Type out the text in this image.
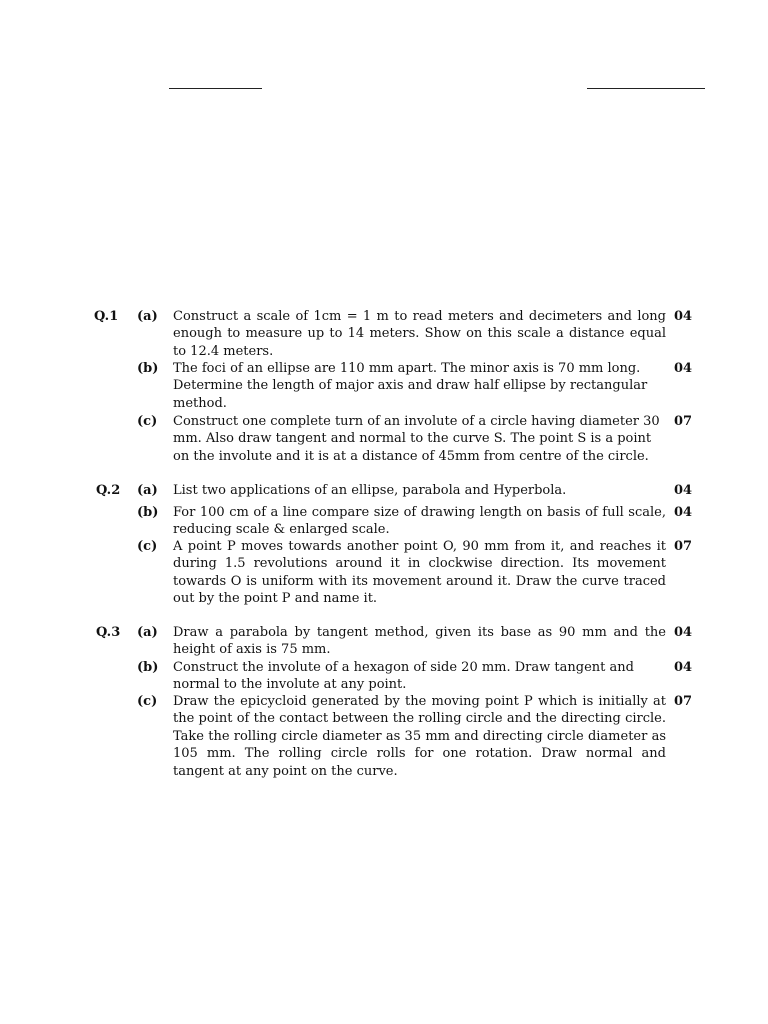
Q.1 (a) Construct a scale of 1cm = 1 m to read meters and decimeters and long enough to measure up to 14 meters. Show on this scale a distance equal to 12.4 meters.

04
(b) The foci of an ellipse are 110 mm apart. The minor axis is 70 mm long. Determine the length of major axis and draw half ellipse by rectangular method.

04
(c) Construct one complete turn of an involute of a circle having diameter 30 mm. Also draw tangent and normal to the curve S. The point S is a point on the involute and it is at a distance of 45mm from centre of the circle.

07
Q.2 (a) List two applications of an ellipse, parabola and Hyperbola.	04
(b) For 100 cm of a line compare size of drawing length on basis of full scale, reducing scale & enlarged scale.

04
(c) A point P moves towards another point O, 90 mm from it, and reaches it during 1.5 revolutions around it in clockwise direction. Its movement towards O is uniform with its movement around it. Draw the curve traced out by the point P and name it.

07
Q.3 (a) Draw a parabola by tangent method, given its base as 90 mm and the height of axis is 75 mm.

04
(b) Construct the involute of a hexagon of side 20 mm. Draw tangent and normal to the involute at any point.

04
(c) Draw the epicycloid generated by the moving point P which is initially at the point of the contact between the rolling circle and the directing circle. Take the rolling circle diameter as 35 mm and directing circle diameter as 105 mm. The rolling circle rolls for one rotation. Draw normal and tangent at any point on the curve.

07
